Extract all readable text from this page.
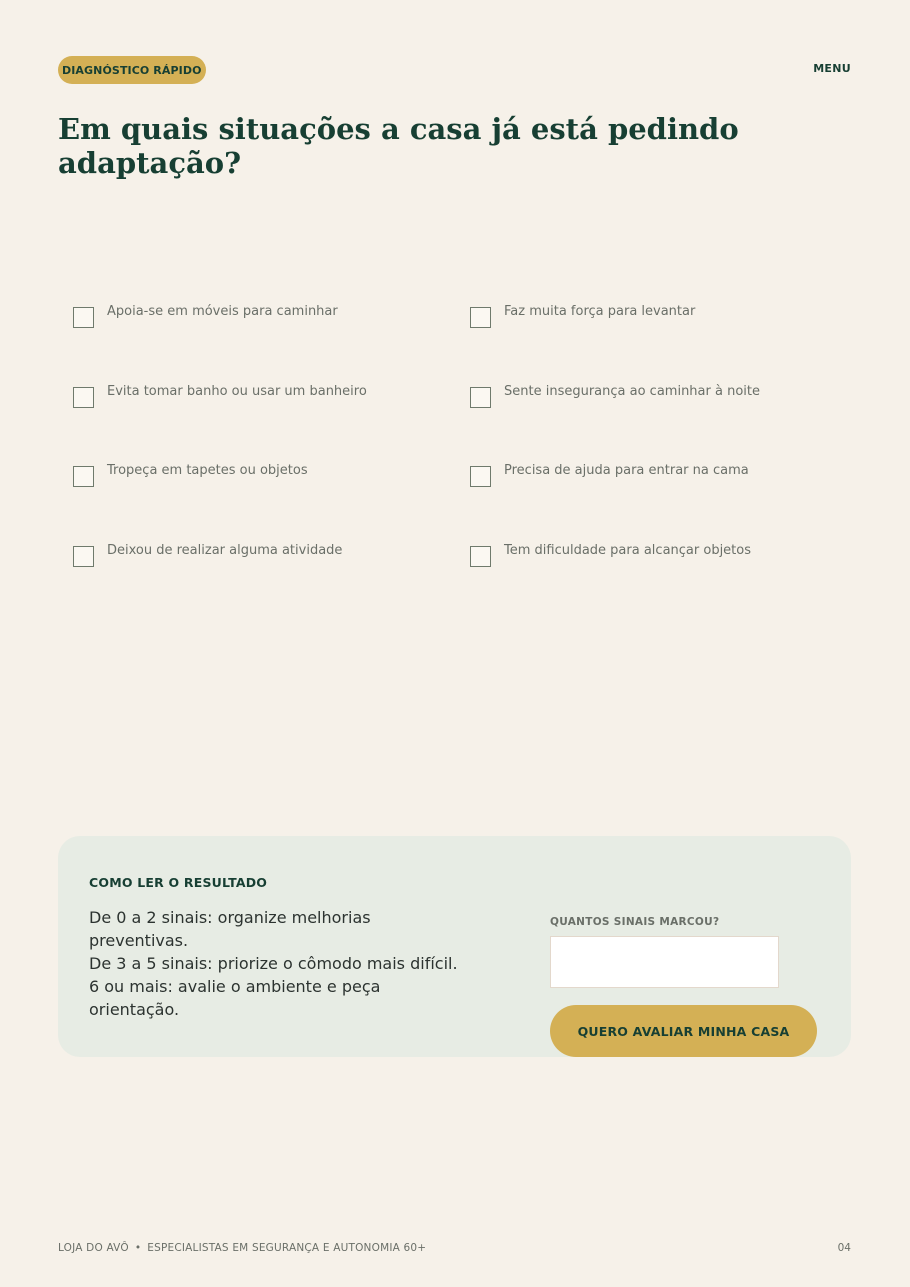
DIAGNÓSTICO RÁPIDO	MENU
Em quais situações a casa já está pedindo adaptação?
Apoia-se em móveis para caminhar	Faz muita força para levantar
Evita tomar banho ou usar um banheiro	Sente insegurança ao caminhar à noite
Tropeça em tapetes ou objetos	Precisa de ajuda para entrar na cama
Deixou de realizar alguma atividade	Tem dificuldade para alcançar objetos
COMO LER O RESULTADO

De 0 a 2 sinais: organize melhorias preventivas.

De 3 a 5 sinais: priorize o cômodo mais difícil.

6 ou mais: avalie o ambiente e peça orientação.

QUANTOS SINAIS MARCOU?
QUERO AVALIAR MINHA CASA
LOJA DO AVÔ • ESPECIALISTAS EM SEGURANÇA E AUTONOMIA 60+	04
